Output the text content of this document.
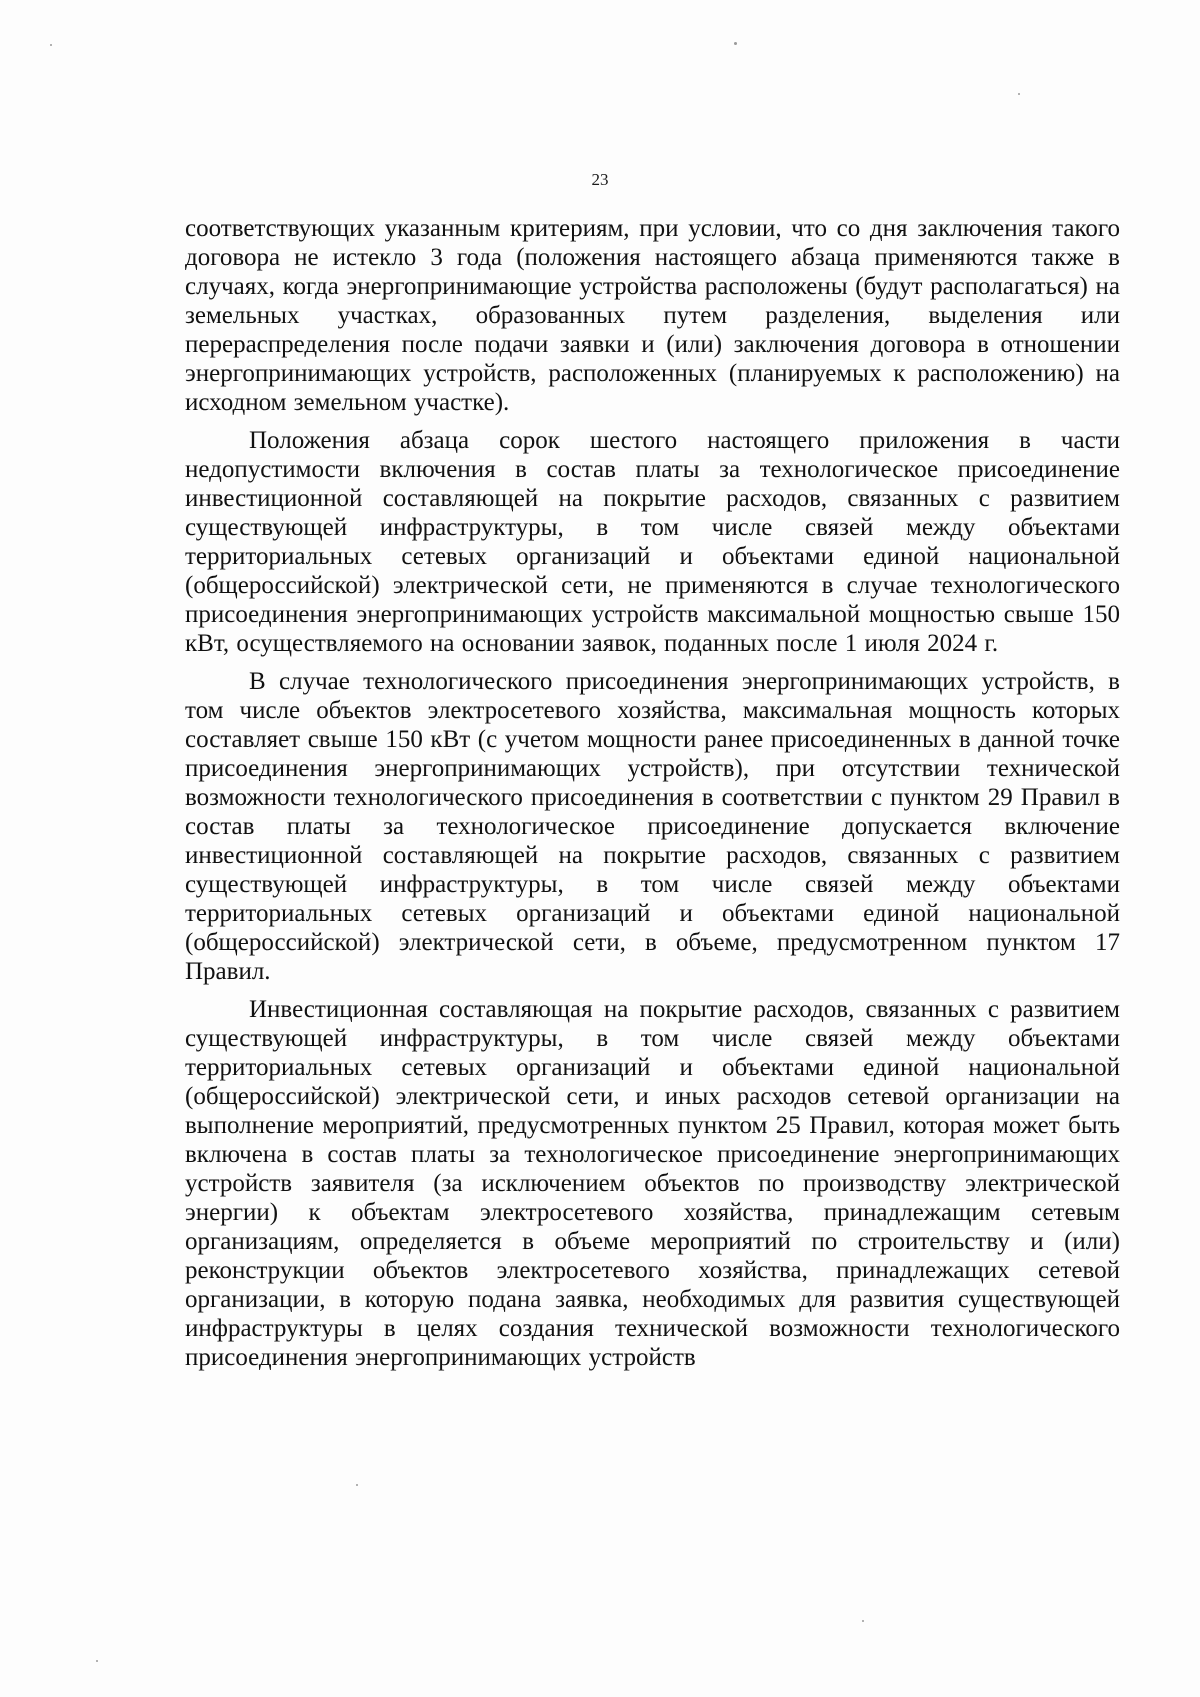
23

соответствующих указанным критериям, при условии, что со дня заключения такого договора не истекло 3 года (положения настоящего абзаца применяются также в случаях, когда энергопринимающие устройства расположены (будут располагаться) на земельных участках, образованных путем разделения, выделения или перераспределения после подачи заявки и (или) заключения договора в отношении энергопринимающих устройств, расположенных (планируемых к расположению) на исходном земельном участке).

Положения абзаца сорок шестого настоящего приложения в части недопустимости включения в состав платы за технологическое присоединение инвестиционной составляющей на покрытие расходов, связанных с развитием существующей инфраструктуры, в том числе связей между объектами территориальных сетевых организаций и объектами единой национальной (общероссийской) электрической сети, не применяются в случае технологического присоединения энергопринимающих устройств максимальной мощностью свыше 150 кВт, осуществляемого на основании заявок, поданных после 1 июля 2024 г.

В случае технологического присоединения энергопринимающих устройств, в том числе объектов электросетевого хозяйства, максимальная мощность которых составляет свыше 150 кВт (с учетом мощности ранее присоединенных в данной точке присоединения энергопринимающих устройств), при отсутствии технической возможности технологического присоединения в соответствии с пунктом 29 Правил в состав платы за технологическое присоединение допускается включение инвестиционной составляющей на покрытие расходов, связанных с развитием существующей инфраструктуры, в том числе связей между объектами территориальных сетевых организаций и объектами единой национальной (общероссийской) электрической сети, в объеме, предусмотренном пунктом 17 Правил.

Инвестиционная составляющая на покрытие расходов, связанных с развитием существующей инфраструктуры, в том числе связей между объектами территориальных сетевых организаций и объектами единой национальной (общероссийской) электрической сети, и иных расходов сетевой организации на выполнение мероприятий, предусмотренных пунктом 25 Правил, которая может быть включена в состав платы за технологическое присоединение энергопринимающих устройств заявителя (за исключением объектов по производству электрической энергии) к объектам электросетевого хозяйства, принадлежащим сетевым организациям, определяется в объеме мероприятий по строительству и (или) реконструкции объектов электросетевого хозяйства, принадлежащих сетевой организации, в которую подана заявка, необходимых для развития существующей инфраструктуры в целях создания технической возможности технологического присоединения энергопринимающих устройств
